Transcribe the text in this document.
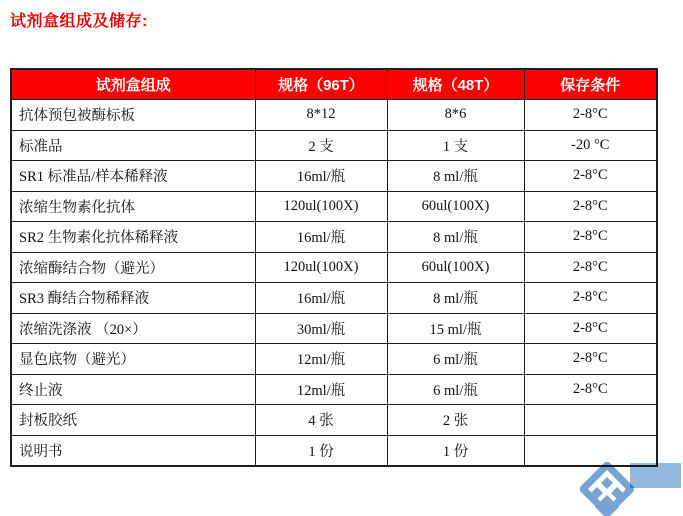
试剂盒组成及储存:
试剂盒组成	规格（96T）	规格（48T）	保存条件
抗体预包被酶标板	8*12	8*6	2-8°C
标准品	2 支	1 支	-20 °C
SR1 标准品/样本稀释液	16ml/瓶	8 ml/瓶	2-8°C
浓缩生物素化抗体	120ul(100X)	60ul(100X)	2-8°C
SR2 生物素化抗体稀释液	16ml/瓶	8 ml/瓶	2-8°C
浓缩酶结合物（避光）	120ul(100X)	60ul(100X)	2-8°C
SR3 酶结合物稀释液	16ml/瓶	8 ml/瓶	2-8°C
浓缩洗涤液 （20×）	30ml/瓶	15 ml/瓶	2-8°C
显色底物（避光）	12ml/瓶	6 ml/瓶	2-8°C
终止液	12ml/瓶	6 ml/瓶	2-8°C
封板胶纸	4 张	2 张	
说明书	1 份	1 份	
